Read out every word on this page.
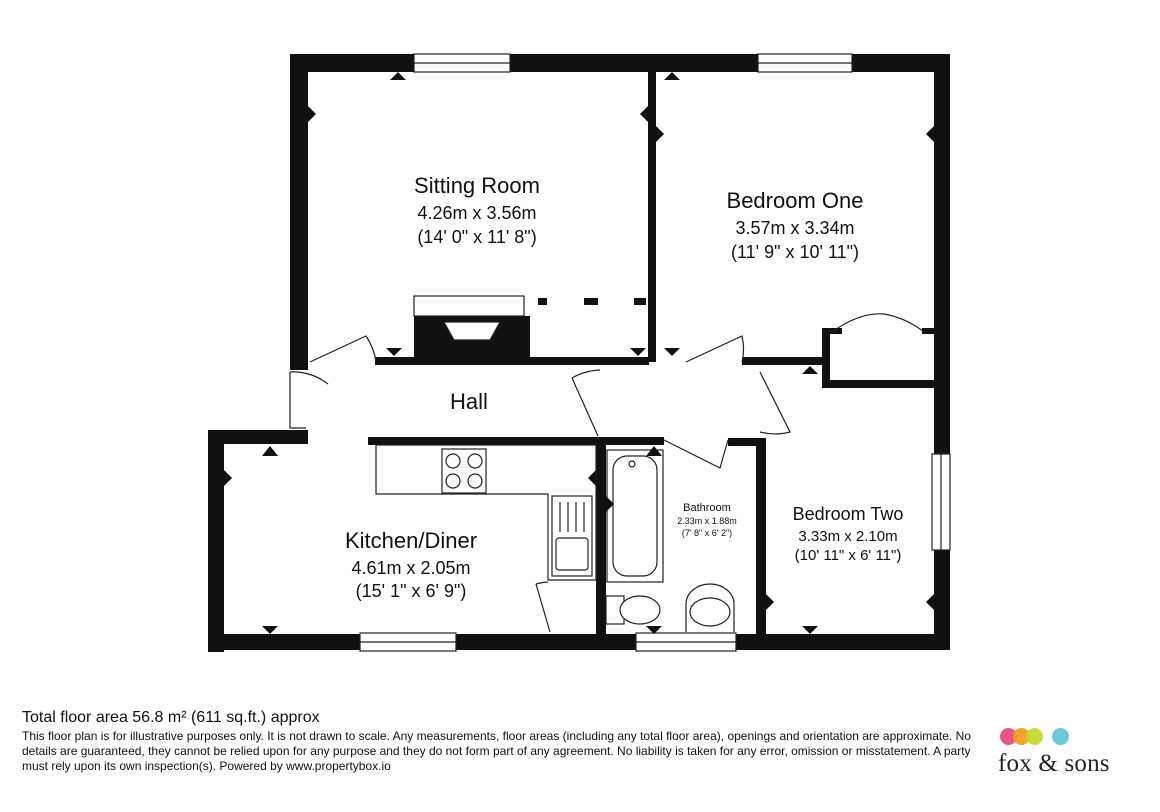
Sitting Room
4.26m x 3.56m
(14' 0" x 11' 8")
Bedroom One
3.57m x 3.34m
(11' 9" x 10' 11")
Hall
Kitchen/Diner
4.61m x 2.05m
(15' 1" x 6' 9")
Bathroom
2.33m x 1.88m
(7' 8" x 6' 2")
Bedroom Two
3.33m x 2.10m
(10' 11" x 6' 11")
Total floor area 56.8 m² (611 sq.ft.) approx
This floor plan is for illustrative purposes only. It is not drawn to scale. Any measurements, floor areas (including any total floor area), openings and orientation are approximate. No details are guaranteed, they cannot be relied upon for any purpose and they do not form part of any agreement. No liability is taken for any error, omission or misstatement. A party must rely upon its own inspection(s). Powered by www.propertybox.io	fox & sons
